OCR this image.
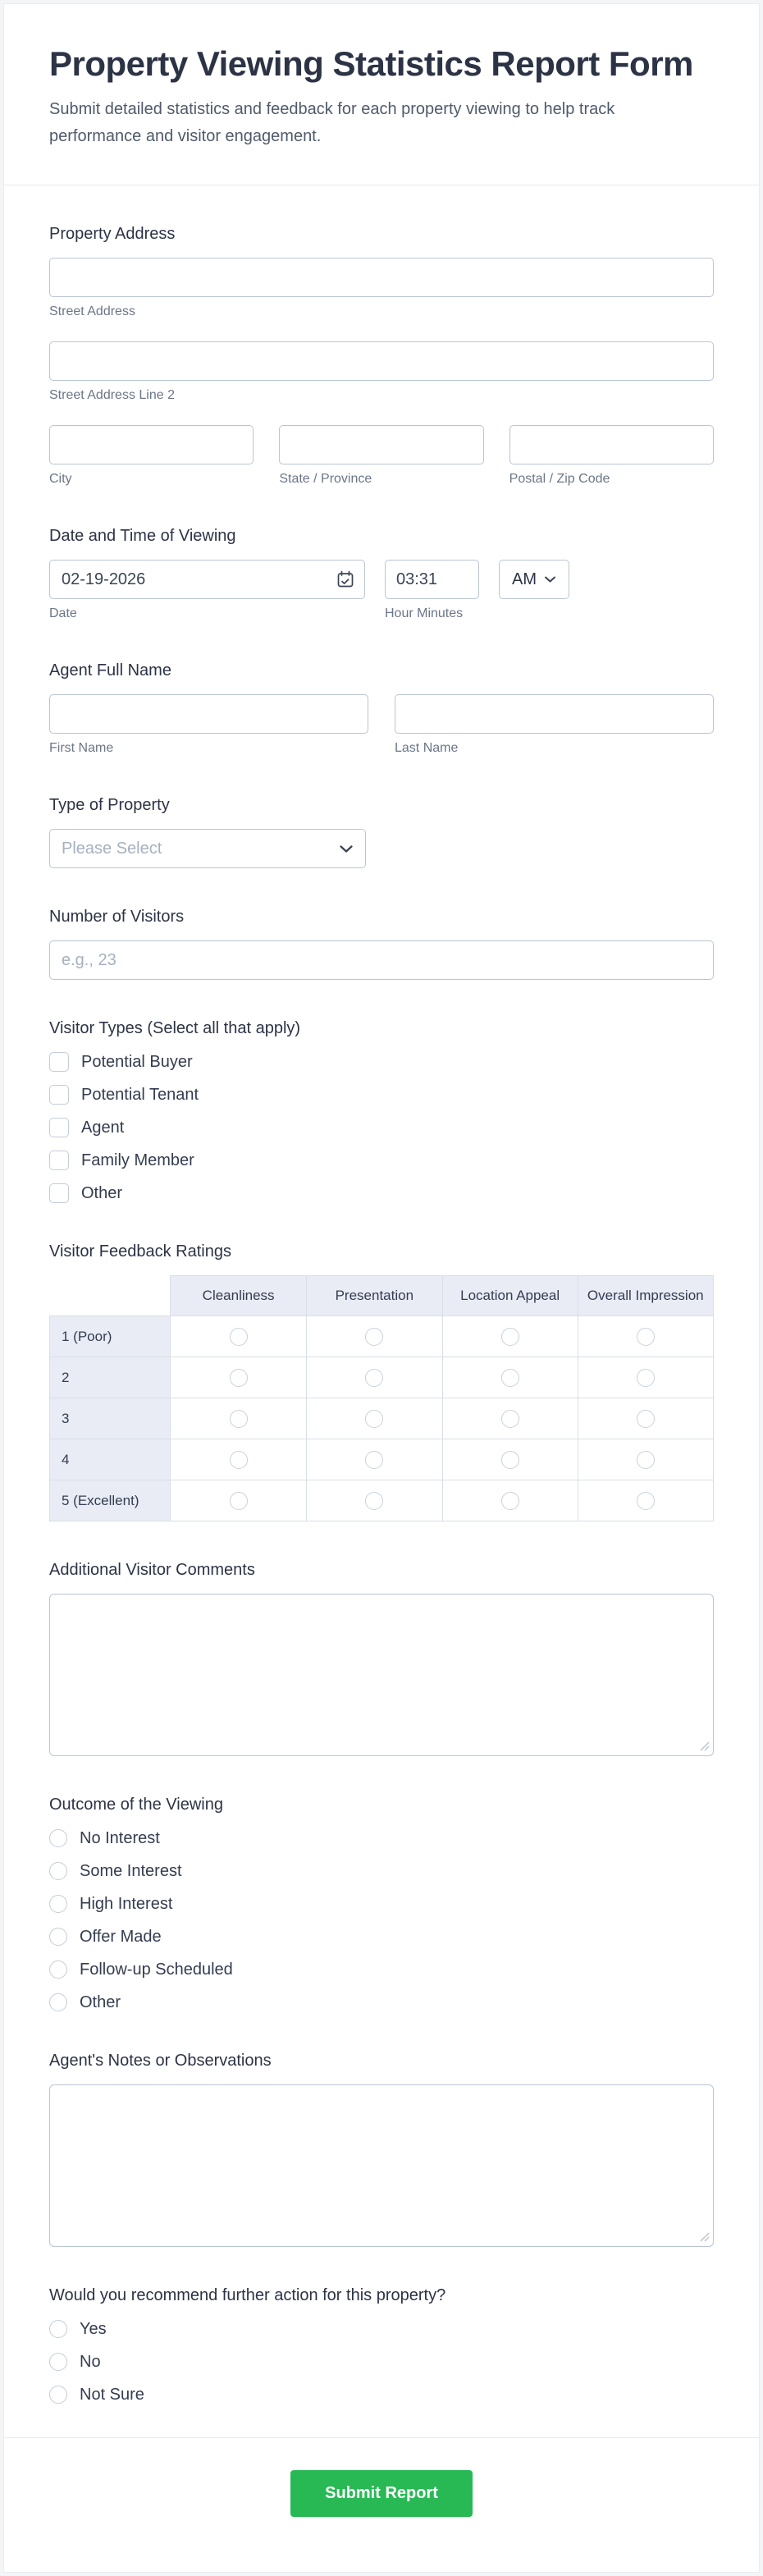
Property Viewing Statistics Report Form

Submit detailed statistics and feedback for each property viewing to help track performance and visitor engagement.

Property Address
Street Address
Street Address Line 2
City	State / Province	Postal / Zip Code
Date and Time of Viewing
02-19-2026
Date
03:31	Hour Minutes
AM
Agent Full Name
First Name	Last Name
Type of Property
Please Select
Number of Visitors
e.g., 23
Visitor Types (Select all that apply)
Potential Buyer
Potential Tenant
Agent
Family Member
Other
Visitor Feedback Ratings
	Cleanliness	Presentation	Location Appeal	Overall Impression
1 (Poor)				
2				
3				
4				
5 (Excellent)				
Additional Visitor Comments
Outcome of the Viewing
No Interest
Some Interest
High Interest
Offer Made
Follow-up Scheduled
Other
Agent's Notes or Observations
Would you recommend further action for this property?
Yes
No
Not Sure
Submit Report
